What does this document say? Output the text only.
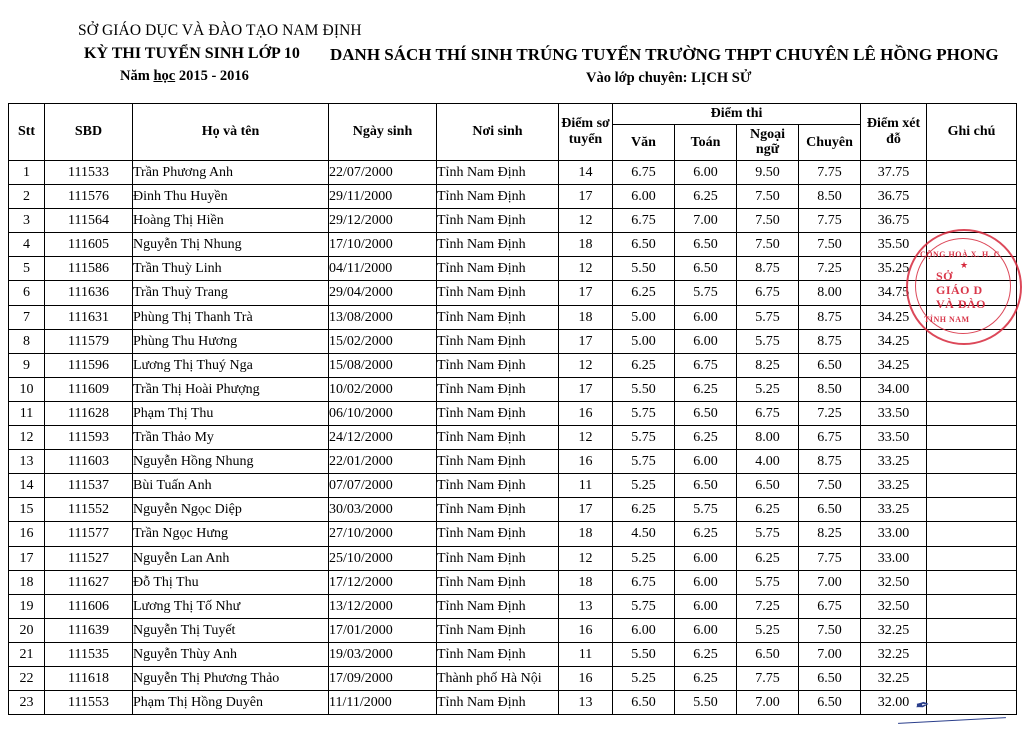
SỞ GIÁO DỤC VÀ ĐÀO TẠO NAM ĐỊNH
KỲ THI TUYỂN SINH LỚP 10
Năm học 2015 - 2016
DANH SÁCH THÍ SINH TRÚNG TUYỂN TRƯỜNG THPT CHUYÊN LÊ HỒNG PHONG
Vào lớp chuyên: LỊCH SỬ
Stt	SBD	Họ và tên	Ngày sinh	Nơi sinh	Điểm sơ tuyển	Điểm thi				Điểm xét đỗ	Ghi chú
						Văn	Toán	Ngoại ngữ	Chuyên		
1	111533	Trần Phương Anh	22/07/2000	Tỉnh Nam Định	14	6.75	6.00	9.50	7.75	37.75	
2	111576	Đinh Thu Huyền	29/11/2000	Tỉnh Nam Định	17	6.00	6.25	7.50	8.50	36.75	
3	111564	Hoàng Thị Hiền	29/12/2000	Tỉnh Nam Định	12	6.75	7.00	7.50	7.75	36.75	
4	111605	Nguyễn Thị Nhung	17/10/2000	Tỉnh Nam Định	18	6.50	6.50	7.50	7.50	35.50	
5	111586	Trần Thuỳ Linh	04/11/2000	Tỉnh Nam Định	12	5.50	6.50	8.75	7.25	35.25	
6	111636	Trần Thuỳ Trang	29/04/2000	Tỉnh Nam Định	17	6.25	5.75	6.75	8.00	34.75	
7	111631	Phùng Thị Thanh Trà	13/08/2000	Tỉnh Nam Định	18	5.00	6.00	5.75	8.75	34.25	
8	111579	Phùng Thu Hương	15/02/2000	Tỉnh Nam Định	17	5.00	6.00	5.75	8.75	34.25	
9	111596	Lương Thị Thuý Nga	15/08/2000	Tỉnh Nam Định	12	6.25	6.75	8.25	6.50	34.25	
10	111609	Trần Thị Hoài Phượng	10/02/2000	Tỉnh Nam Định	17	5.50	6.25	5.25	8.50	34.00	
11	111628	Phạm Thị Thu	06/10/2000	Tỉnh Nam Định	16	5.75	6.50	6.75	7.25	33.50	
12	111593	Trần Thảo My	24/12/2000	Tỉnh Nam Định	12	5.75	6.25	8.00	6.75	33.50	
13	111603	Nguyễn Hồng Nhung	22/01/2000	Tỉnh Nam Định	16	5.75	6.00	4.00	8.75	33.25	
14	111537	Bùi Tuấn Anh	07/07/2000	Tỉnh Nam Định	11	5.25	6.50	6.50	7.50	33.25	
15	111552	Nguyễn Ngọc Diệp	30/03/2000	Tỉnh Nam Định	17	6.25	5.75	6.25	6.50	33.25	
16	111577	Trần Ngọc Hưng	27/10/2000	Tỉnh Nam Định	18	4.50	6.25	5.75	8.25	33.00	
17	111527	Nguyễn Lan Anh	25/10/2000	Tỉnh Nam Định	12	5.25	6.00	6.25	7.75	33.00	
18	111627	Đỗ Thị Thu	17/12/2000	Tỉnh Nam Định	18	6.75	6.00	5.75	7.00	32.50	
19	111606	Lương Thị Tố Như	13/12/2000	Tỉnh Nam Định	13	5.75	6.00	7.25	6.75	32.50	
20	111639	Nguyễn Thị Tuyết	17/01/2000	Tỉnh Nam Định	16	6.00	6.00	5.25	7.50	32.25	
21	111535	Nguyễn Thùy Anh	19/03/2000	Tỉnh Nam Định	11	5.50	6.25	6.50	7.00	32.25	
22	111618	Nguyễn Thị Phương Thảo	17/09/2000	Thành phố Hà Nội	16	5.25	6.25	7.75	6.50	32.25	
23	111553	Phạm Thị Hồng Duyên	11/11/2000	Tỉnh Nam Định	13	6.50	5.50	7.00	6.50	32.00	
CỘNG HOÀ X. H. C
★
SỞ
GIÁO D
VÀ ĐÀO
TỈNH NAM
✒
